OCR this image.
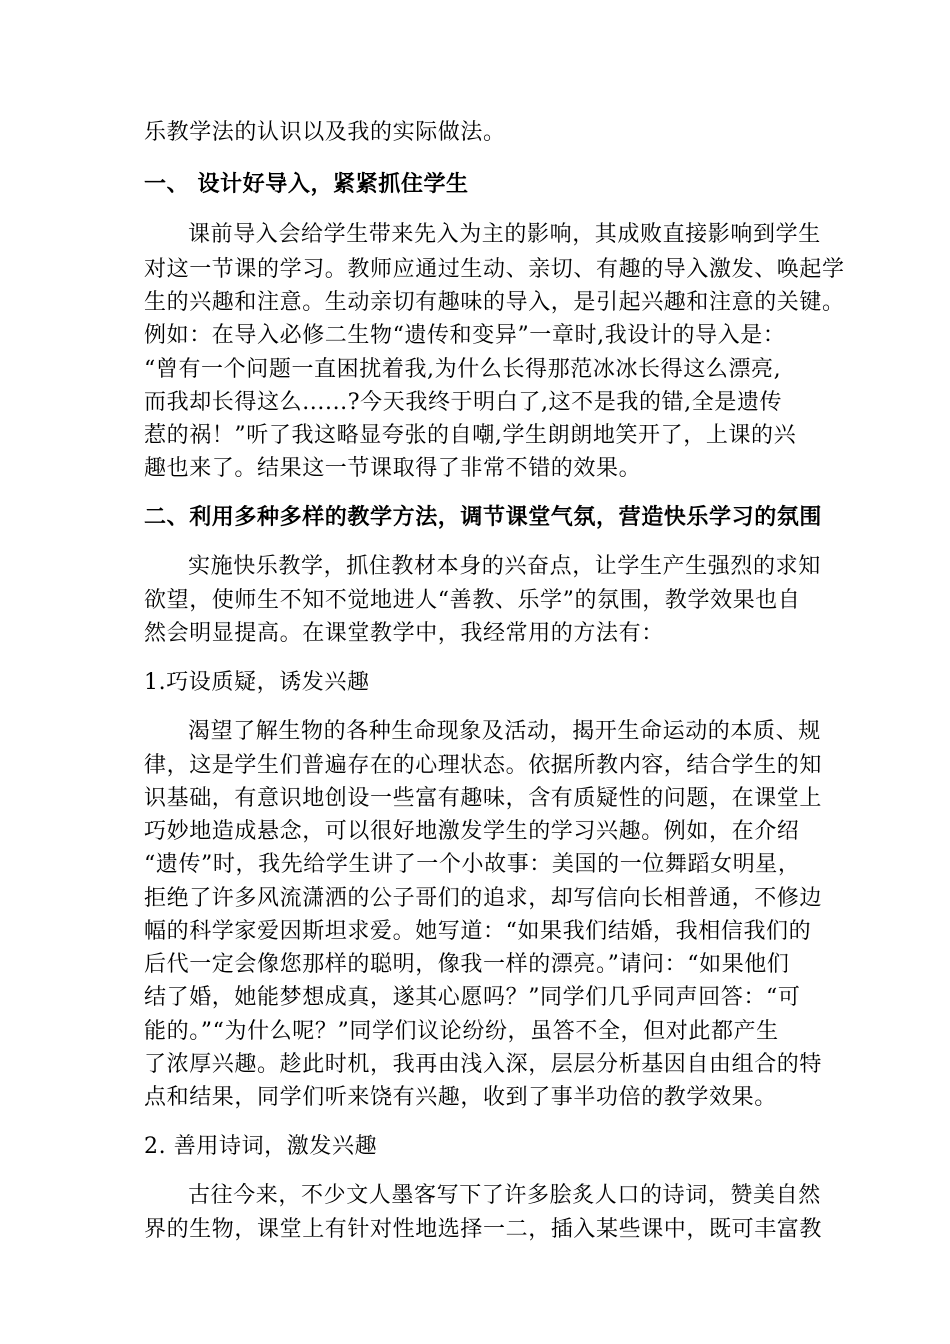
乐教学法的认识以及我的实际做法。
一、 设计好导入，紧紧抓住学生
课前导入会给学生带来先入为主的影响，其成败直接影响到学生
对这一节课的学习。教师应通过生动、亲切、有趣的导入激发、唤起学
生的兴趣和注意。生动亲切有趣味的导入，是引起兴趣和注意的关键。
例如：在导入必修二生物“遗传和变异”一章时,我设计的导入是：
“曾有一个问题一直困扰着我,为什么长得那范冰冰长得这么漂亮,
而我却长得这么......?今天我终于明白了,这不是我的错,全是遗传
惹的祸！”听了我这略显夸张的自嘲,学生朗朗地笑开了，上课的兴
趣也来了。结果这一节课取得了非常不错的效果。
二、利用多种多样的教学方法，调节课堂气氛，营造快乐学习的氛围
实施快乐教学，抓住教材本身的兴奋点，让学生产生强烈的求知
欲望，使师生不知不觉地进人“善教、乐学”的氛围，教学效果也自
然会明显提高。在课堂教学中，我经常用的方法有：
1.巧设质疑，诱发兴趣
渴望了解生物的各种生命现象及活动，揭开生命运动的本质、规
律，这是学生们普遍存在的心理状态。依据所教内容，结合学生的知
识基础，有意识地创设一些富有趣味，含有质疑性的问题，在课堂上
巧妙地造成悬念，可以很好地激发学生的学习兴趣。例如，在介绍
“遗传”时，我先给学生讲了一个小故事：美国的一位舞蹈女明星，
拒绝了许多风流潇洒的公子哥们的追求，却写信向长相普通，不修边
幅的科学家爱因斯坦求爱。她写道：“如果我们结婚，我相信我们的
后代一定会像您那样的聪明，像我一样的漂亮。”请问：“如果他们
结了婚，她能梦想成真，遂其心愿吗？”同学们几乎同声回答：“可
能的。”“为什么呢？”同学们议论纷纷，虽答不全，但对此都产生
了浓厚兴趣。趁此时机，我再由浅入深，层层分析基因自由组合的特
点和结果，同学们听来饶有兴趣，收到了事半功倍的教学效果。
2. 善用诗词，激发兴趣
古往今来，不少文人墨客写下了许多脍炙人口的诗词，赞美自然
界的生物，课堂上有针对性地选择一二，插入某些课中，既可丰富教
